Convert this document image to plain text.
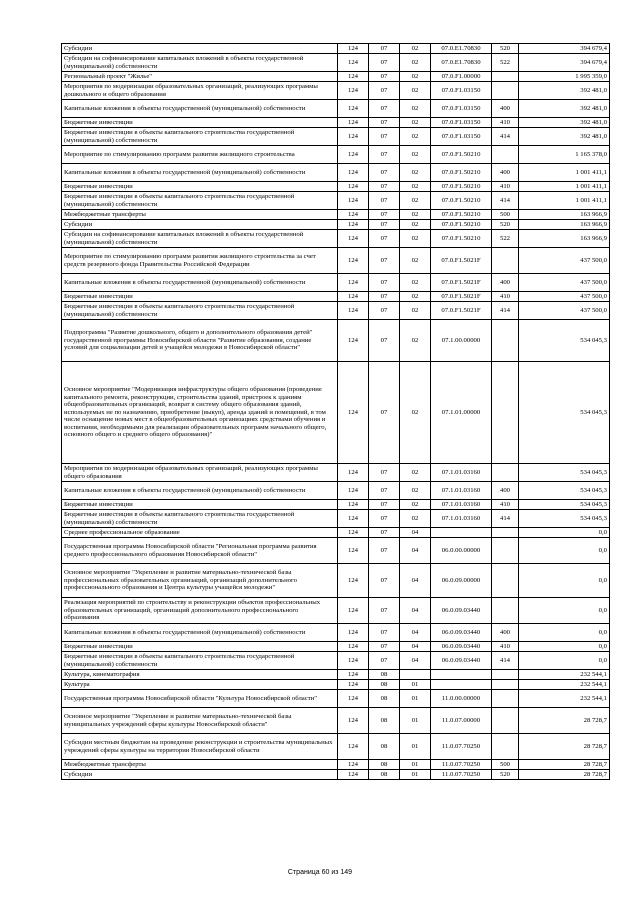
Субсидии	124	07	02	07.0.E1.70830	520	394 679,4
Субсидии на софинансирование капитальных вложений в объекты государственной (муниципальной) собственности	124	07	02	07.0.E1.70830	522	394 679,4
Региональный проект "Жилье"	124	07	02	07.0.F1.00000		1 995 359,0
Мероприятия по модернизации образовательных организаций, реализующих программы дошкольного и общего образования	124	07	02	07.0.F1.03150		392 481,0
Капитальные вложения в объекты государственной (муниципальной) собственности	124	07	02	07.0.F1.03150	400	392 481,0
Бюджетные инвестиции	124	07	02	07.0.F1.03150	410	392 481,0
Бюджетные инвестиции в объекты капитального строительства государственной (муниципальной) собственности	124	07	02	07.0.F1.03150	414	392 481,0
Мероприятие по стимулированию программ развития жилищного строительства	124	07	02	07.0.F1.50210		1 165 378,0
Капитальные вложения в объекты государственной (муниципальной) собственности	124	07	02	07.0.F1.50210	400	1 001 411,1
Бюджетные инвестиции	124	07	02	07.0.F1.50210	410	1 001 411,1
Бюджетные инвестиции в объекты капитального строительства государственной (муниципальной) собственности	124	07	02	07.0.F1.50210	414	1 001 411,1
Межбюджетные трансферты	124	07	02	07.0.F1.50210	500	163 966,9
Субсидии	124	07	02	07.0.F1.50210	520	163 966,9
Субсидии на софинансирование капитальных вложений в объекты государственной (муниципальной) собственности	124	07	02	07.0.F1.50210	522	163 966,9
Мероприятие по стимулированию программ развития жилищного строительства за счет средств резервного фонда Правительства Российской Федерации	124	07	02	07.0.F1.5021F		437 500,0
Капитальные вложения в объекты государственной (муниципальной) собственности	124	07	02	07.0.F1.5021F	400	437 500,0
Бюджетные инвестиции	124	07	02	07.0.F1.5021F	410	437 500,0
Бюджетные инвестиции в объекты капитального строительства государственной (муниципальной) собственности	124	07	02	07.0.F1.5021F	414	437 500,0
Подпрограмма "Развитие дошкольного, общего и дополнительного образования детей" государственной программы Новосибирской области "Развитие образования, создание условий для социализации детей и учащейся молодежи в Новосибирской области"	124	07	02	07.1.00.00000		534 045,3
Основное мероприятие "Модернизация инфраструктуры общего образования (проведение капитального ремонта, реконструкции, строительства зданий, пристроек к зданиям общеобразовательных организаций, возврат в систему общего образования зданий, используемых не по назначению, приобретение (выкуп), аренда зданий и помещений, в том числе оснащение новых мест в общеобразовательных организациях средствами обучения и воспитания, необходимыми для реализации образовательных программ начального общего, основного общего и среднего общего образования)"	124	07	02	07.1.01.00000		534 045,3
Мероприятия по модернизации образовательных организаций, реализующих программы общего образования	124	07	02	07.1.01.03160		534 045,3
Капитальные вложения в объекты государственной (муниципальной) собственности	124	07	02	07.1.01.03160	400	534 045,3
Бюджетные инвестиции	124	07	02	07.1.01.03160	410	534 045,3
Бюджетные инвестиции в объекты капитального строительства государственной (муниципальной) собственности	124	07	02	07.1.01.03160	414	534 045,3
Среднее профессиональное образование	124	07	04			0,0
Государственная программа Новосибирской области "Региональная программа развития среднего профессионального образования Новосибирской области"	124	07	04	06.0.00.00000		0,0
Основное мероприятие "Укрепление и развитие материально-технической базы профессиональных образовательных организаций, организаций дополнительного профессионального образования и Центра культуры учащейся молодежи"	124	07	04	06.0.09.00000		0,0
Реализация мероприятий по строительству и реконструкции объектов профессиональных образовательных организаций, организаций дополнительного профессионального образования	124	07	04	06.0.09.03440		0,0
Капитальные вложения в объекты государственной (муниципальной) собственности	124	07	04	06.0.09.03440	400	0,0
Бюджетные инвестиции	124	07	04	06.0.09.03440	410	0,0
Бюджетные инвестиции в объекты капитального строительства государственной (муниципальной) собственности	124	07	04	06.0.09.03440	414	0,0
Культура, кинематография	124	08				232 544,1
Культура	124	08	01			232 544,1
Государственная программа Новосибирской области "Культура Новосибирской области"	124	08	01	11.0.00.00000		232 544,1
Основное мероприятие "Укрепление и развитие материально-технической базы муниципальных учреждений сферы культуры Новосибирской области"	124	08	01	11.0.07.00000		28 728,7
Субсидии местным бюджетам на проведение реконструкции и строительства муниципальных учреждений сферы культуры на территории Новосибирской области	124	08	01	11.0.07.70250		28 728,7
Межбюджетные трансферты	124	08	01	11.0.07.70250	500	28 728,7
Субсидии	124	08	01	11.0.07.70250	520	28 728,7
Страница 60 из 149
